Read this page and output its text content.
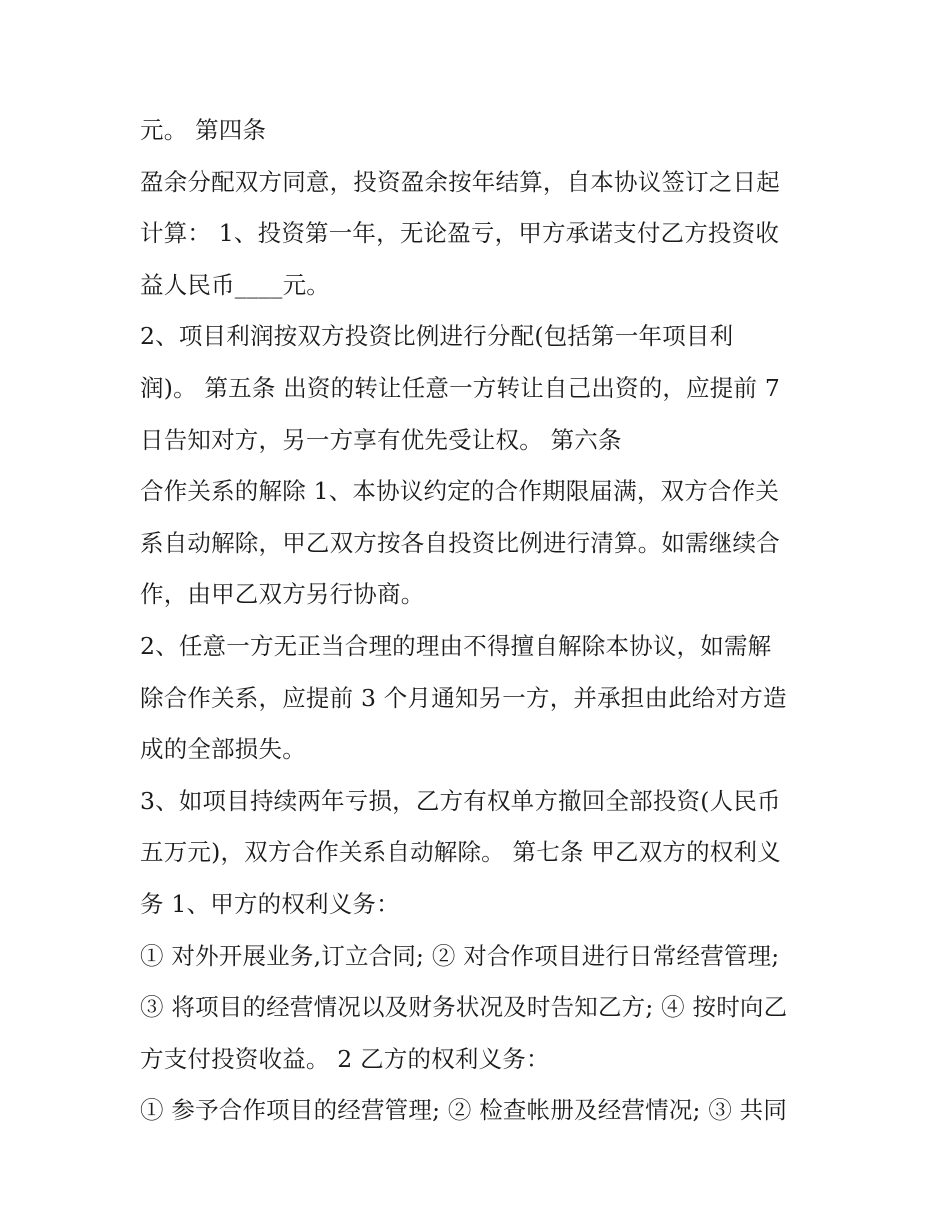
元。 第四条
盈余分配双方同意，投资盈余按年结算，自本协议签订之日起
计算： 1、投资第一年，无论盈亏，甲方承诺支付乙方投资收
益人民币____元。
2、项目利润按双方投资比例进行分配(包括第一年项目利
润)。 第五条 出资的转让任意一方转让自己出资的，应提前 7
日告知对方，另一方享有优先受让权。 第六条
合作关系的解除 1、本协议约定的合作期限届满，双方合作关
系自动解除，甲乙双方按各自投资比例进行清算。如需继续合
作，由甲乙双方另行协商。
2、任意一方无正当合理的理由不得擅自解除本协议，如需解
除合作关系，应提前 3 个月通知另一方，并承担由此给对方造
成的全部损失。
3、如项目持续两年亏损，乙方有权单方撤回全部投资(人民币
五万元)，双方合作关系自动解除。 第七条 甲乙双方的权利义
务 1、甲方的权利义务：
① 对外开展业务,订立合同; ② 对合作项目进行日常经营管理;
③ 将项目的经营情况以及财务状况及时告知乙方; ④ 按时向乙
方支付投资收益。 2 乙方的权利义务：
① 参予合作项目的经营管理; ② 检查帐册及经营情况; ③ 共同
